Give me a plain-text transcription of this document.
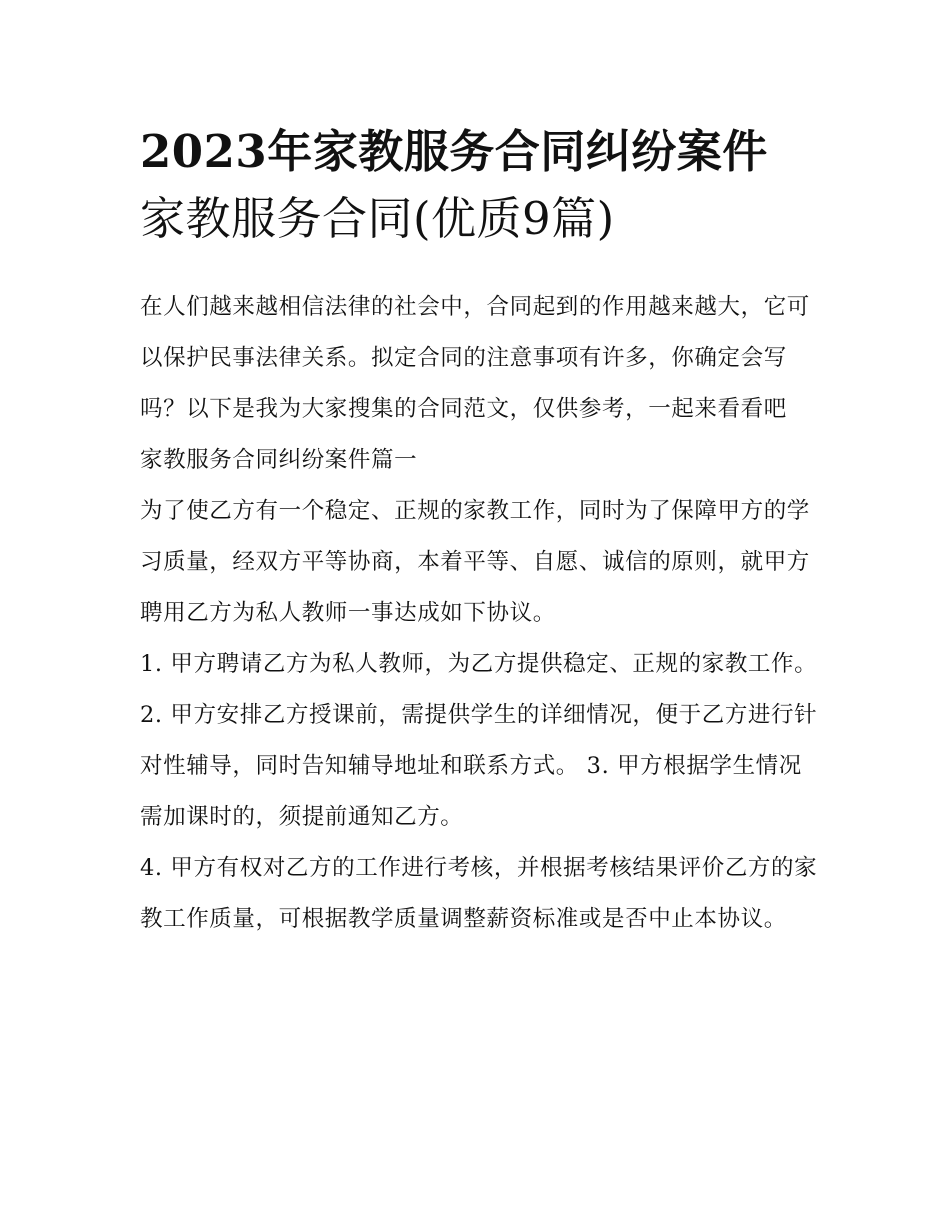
2023年家教服务合同纠纷案件
家教服务合同(优质9篇)

在人们越来越相信法律的社会中，合同起到的作用越来越大，它可以保护民事法律关系。拟定合同的注意事项有许多，你确定会写吗？以下是我为大家搜集的合同范文，仅供参考，一起来看看吧

家教服务合同纠纷案件篇一

为了使乙方有一个稳定、正规的家教工作，同时为了保障甲方的学习质量，经双方平等协商，本着平等、自愿、诚信的原则，就甲方聘用乙方为私人教师一事达成如下协议。

1. 甲方聘请乙方为私人教师，为乙方提供稳定、正规的家教工作。

2. 甲方安排乙方授课前，需提供学生的详细情况，便于乙方进行针对性辅导，同时告知辅导地址和联系方式。 3. 甲方根据学生情况需加课时的，须提前通知乙方。

4. 甲方有权对乙方的工作进行考核，并根据考核结果评价乙方的家教工作质量，可根据教学质量调整薪资标准或是否中止本协议。
